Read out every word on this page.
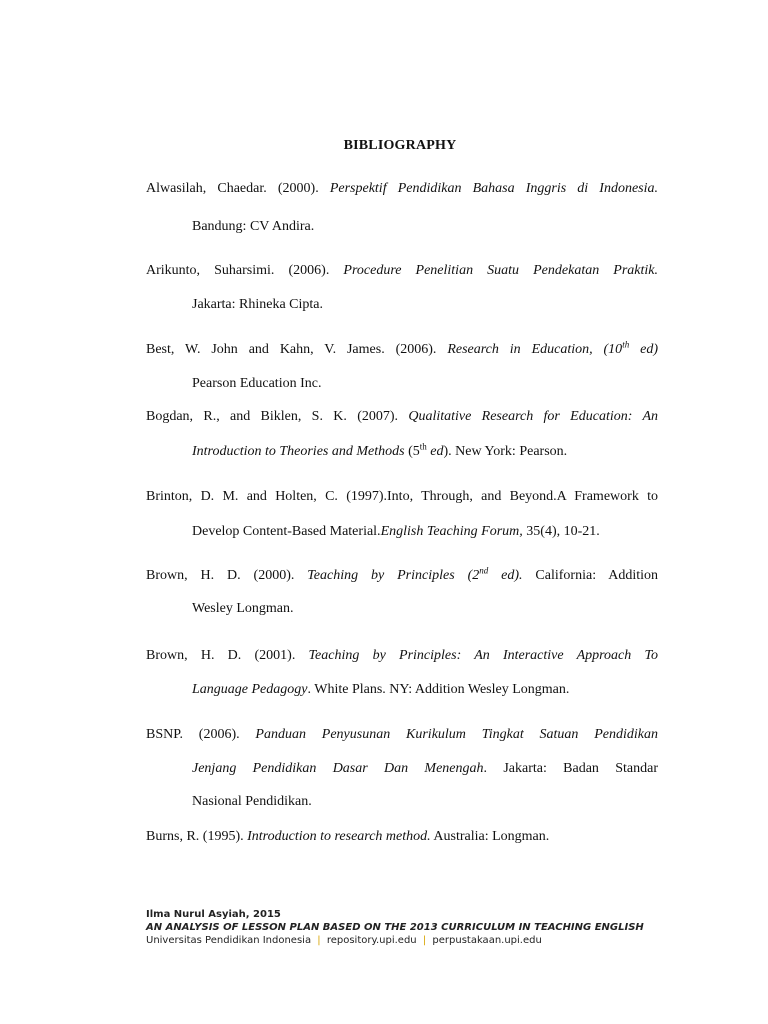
BIBLIOGRAPHY
Alwasilah, Chaedar. (2000). Perspektif Pendidikan Bahasa Inggris di Indonesia.
Bandung: CV Andira.
Arikunto, Suharsimi. (2006). Procedure Penelitian Suatu Pendekatan Praktik.
Jakarta: Rhineka Cipta.
Best, W. John and Kahn, V. James. (2006). Research in Education, (10th ed)
Pearson Education Inc.
Bogdan, R., and Biklen, S. K. (2007). Qualitative Research for Education: An
Introduction to Theories and Methods (5th ed). New York: Pearson.
Brinton, D. M. and Holten, C. (1997).Into, Through, and Beyond.A Framework to
Develop Content-Based Material.English Teaching Forum, 35(4), 10-21.
Brown, H. D. (2000). Teaching by Principles (2nd ed). California: Addition
Wesley Longman.
Brown, H. D. (2001). Teaching by Principles: An Interactive Approach To
Language Pedagogy. White Plans. NY: Addition Wesley Longman.
BSNP. (2006). Panduan Penyusunan Kurikulum Tingkat Satuan Pendidikan
Jenjang Pendidikan Dasar Dan Menengah. Jakarta: Badan Standar
Nasional Pendidikan.
Burns, R. (1995). Introduction to research method. Australia: Longman.
Ilma Nurul Asyiah, 2015
AN ANALYSIS OF LESSON PLAN BASED ON THE 2013 CURRICULUM IN TEACHING ENGLISH
Universitas Pendidikan Indonesia | repository.upi.edu | perpustakaan.upi.edu
